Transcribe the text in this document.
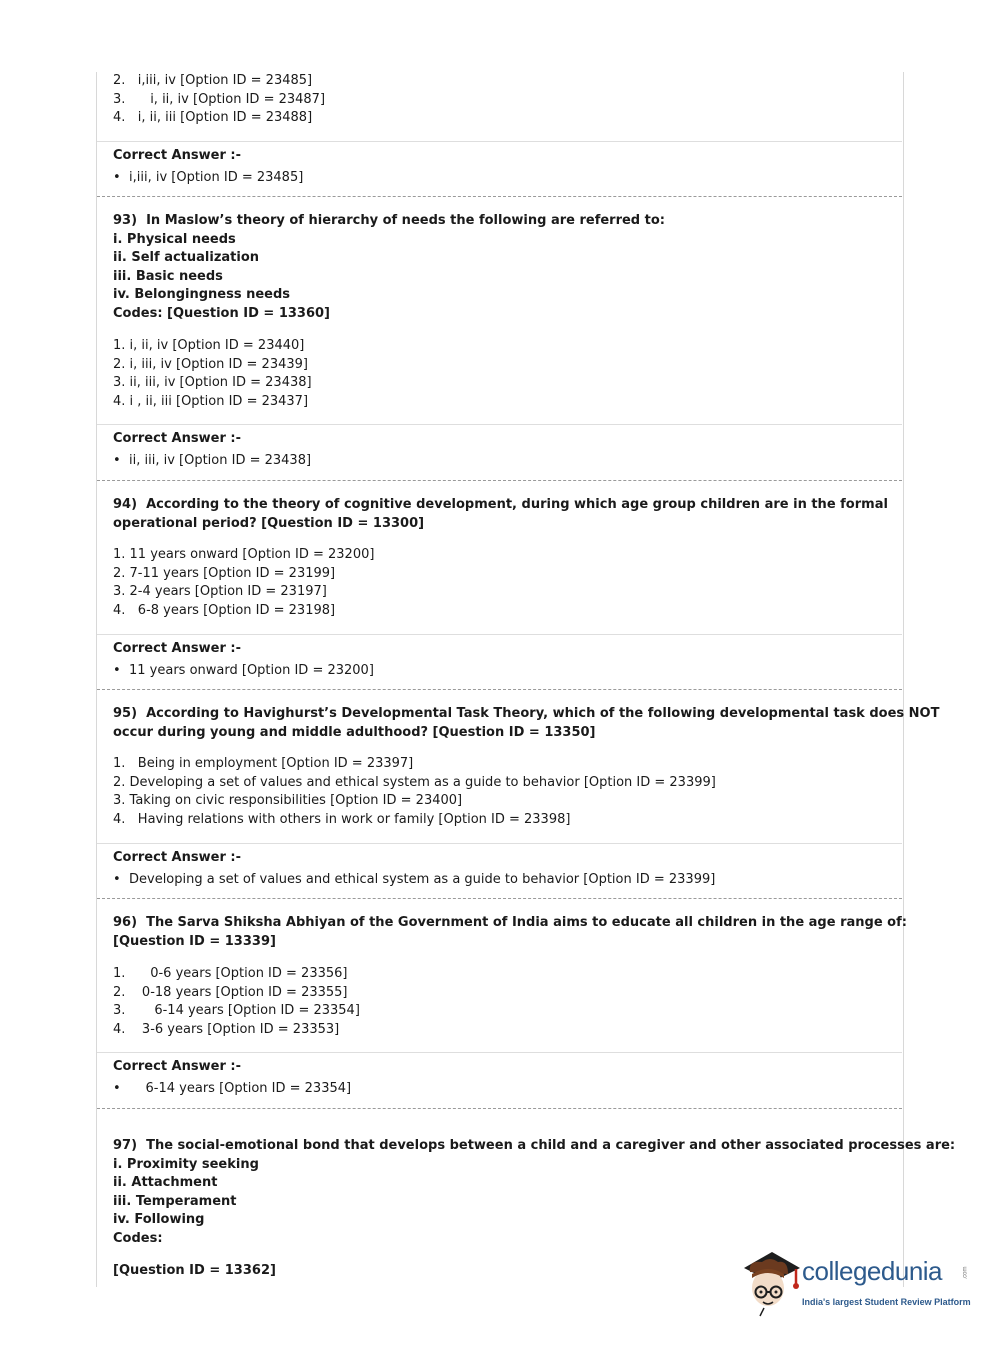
2.   i,iii, iv [Option ID = 23485]
3.      i, ii, iv [Option ID = 23487]
4.   i, ii, iii [Option ID = 23488]
Correct Answer :-
• i,iii, iv [Option ID = 23485]
93)  In Maslow’s theory of hierarchy of needs the following are referred to:
i. Physical needs
ii. Self actualization
iii. Basic needs
iv. Belongingness needs
Codes: [Question ID = 13360]
1. i, ii, iv [Option ID = 23440]
2. i, iii, iv [Option ID = 23439]
3. ii, iii, iv [Option ID = 23438]
4. i , ii, iii [Option ID = 23437]
Correct Answer :-
• ii, iii, iv [Option ID = 23438]
94)  According to the theory of cognitive development, during which age group children are in the formal
operational period? [Question ID = 13300]
1. 11 years onward [Option ID = 23200]
2. 7-11 years [Option ID = 23199]
3. 2-4 years [Option ID = 23197]
4.   6-8 years [Option ID = 23198]
Correct Answer :-
• 11 years onward [Option ID = 23200]
95)  According to Havighurst’s Developmental Task Theory, which of the following developmental task does NOT
occur during young and middle adulthood? [Question ID = 13350]
1.   Being in employment [Option ID = 23397]
2. Developing a set of values and ethical system as a guide to behavior [Option ID = 23399]
3. Taking on civic responsibilities [Option ID = 23400]
4.   Having relations with others in work or family [Option ID = 23398]
Correct Answer :-
• Developing a set of values and ethical system as a guide to behavior [Option ID = 23399]
96)  The Sarva Shiksha Abhiyan of the Government of India aims to educate all children in the age range of:
[Question ID = 13339]
1.      0-6 years [Option ID = 23356]
2.    0-18 years [Option ID = 23355]
3.       6-14 years [Option ID = 23354]
4.    3-6 years [Option ID = 23353]
Correct Answer :-
•    6-14 years [Option ID = 23354]
97)  The social-emotional bond that develops between a child and a caregiver and other associated processes are:
i. Proximity seeking
ii. Attachment
iii. Temperament
iv. Following
Codes:
[Question ID = 13362]	collegedunia	.com
India's largest Student Review Platform
